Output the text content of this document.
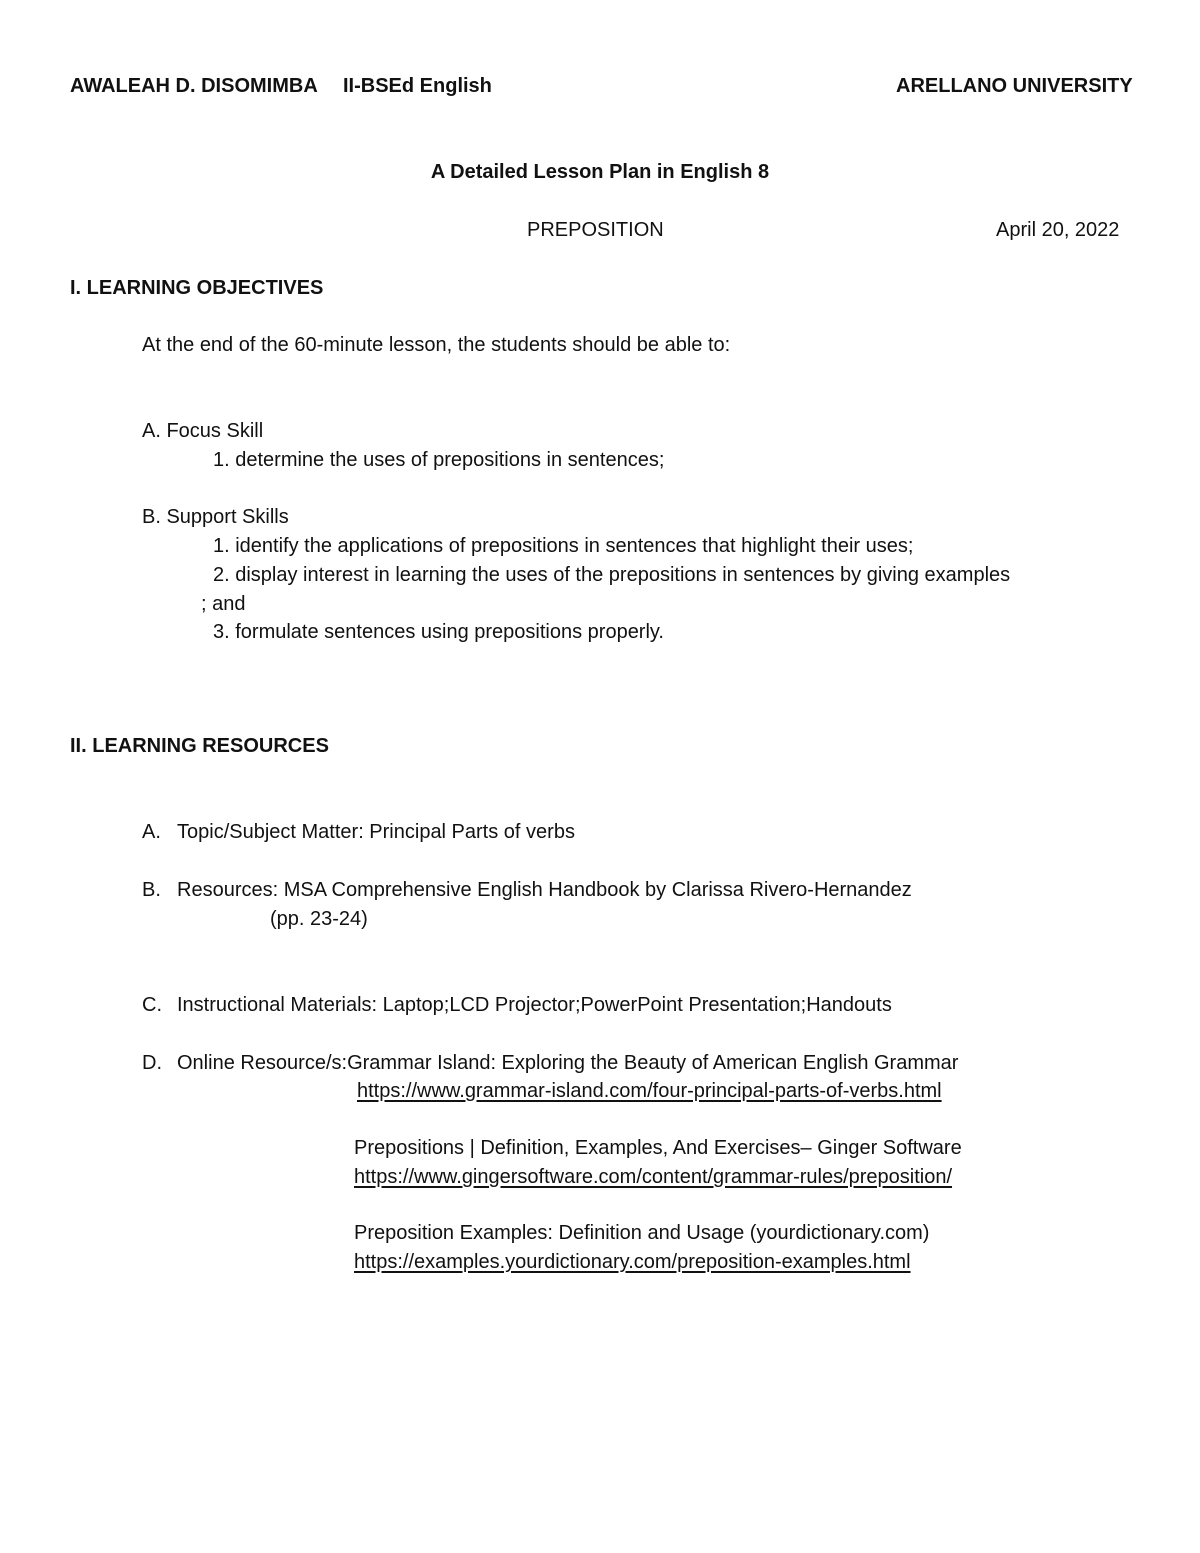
AWALEAH D. DISOMIMBA II-BSEd English	ARELLANO UNIVERSITY
A Detailed Lesson Plan in English 8
PREPOSITION	April 20, 2022
I. LEARNING OBJECTIVES
At the end of the 60-minute lesson, the students should be able to:
A. Focus Skill
1. determine the uses of prepositions in sentences;
B. Support Skills
1. identify the applications of prepositions in sentences that highlight their uses;
2. display interest in learning the uses of the prepositions in sentences by giving examples
; and
3. formulate sentences using prepositions properly.
II. LEARNING RESOURCES
A. Topic/Subject Matter: Principal Parts of verbs
B. Resources: MSA Comprehensive English Handbook by Clarissa Rivero-Hernandez
(pp. 23-24)
C. Instructional Materials: Laptop;LCD Projector;PowerPoint Presentation;Handouts
D. Online Resource/s:Grammar Island: Exploring the Beauty of American English Grammar
https://www.grammar-island.com/four-principal-parts-of-verbs.html
Prepositions | Definition, Examples, And Exercises– Ginger Software
https://www.gingersoftware.com/content/grammar-rules/preposition/
Preposition Examples: Definition and Usage (yourdictionary.com)
https://examples.yourdictionary.com/preposition-examples.html
